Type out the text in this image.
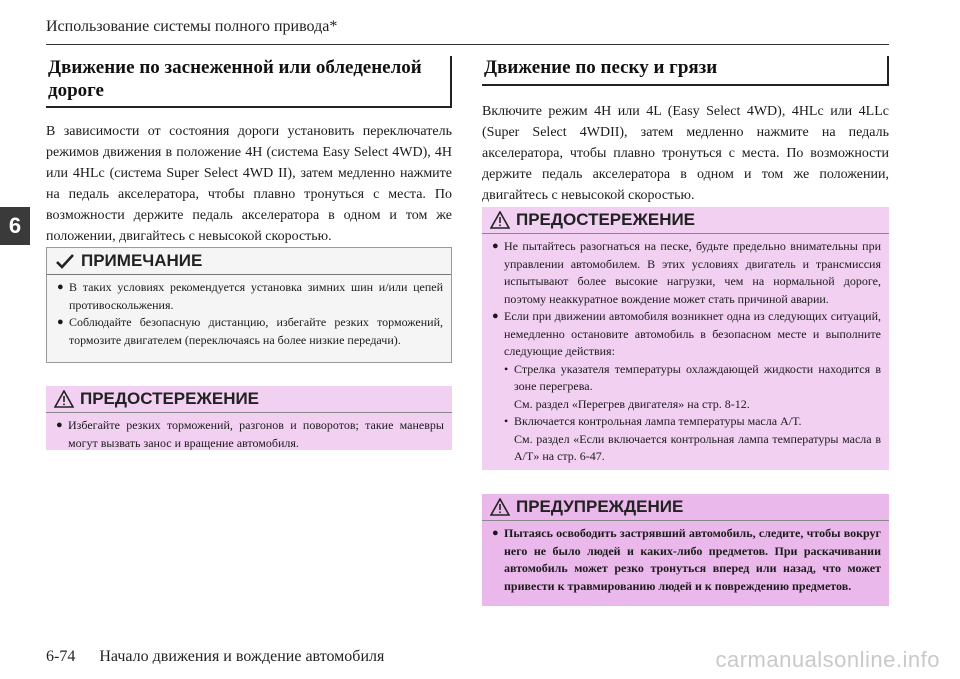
Использование системы полного привода*
6
Движение по заснеженной или обледенелой дороге

В зависимости от состояния дороги установить переключатель режимов движения в положение 4H (система Easy Select 4WD), 4H или 4HLc (система Super Select 4WD II), затем медленно нажмите на педаль акселератора, чтобы плавно тронуться с места. По возможности держите педаль акселератора в одном и том же положении, двигайтесь с невысокой скоростью.

ПРИМЕЧАНИЕ

● В таких условиях рекомендуется установка зимних шин и/или цепей противоскольжения.

● Соблюдайте безопасную дистанцию, избегайте резких торможений, тормозите двигателем (переключаясь на более низкие передачи).

ПРЕДОСТЕРЕЖЕНИЕ

● Избегайте резких торможений, разгонов и поворотов; такие маневры могут вызвать занос и вращение автомобиля.

Движение по песку и грязи

Включите режим 4H или 4L (Easy Select 4WD), 4HLc или 4LLc (Super Select 4WDII), затем медленно нажмите на педаль акселератора, чтобы плавно тронуться с места. По возможности держите педаль акселератора в одном и том же положении, двигайтесь с невысокой скоростью.

ПРЕДОСТЕРЕЖЕНИЕ

● Не пытайтесь разогнаться на песке, будьте предельно внимательны при управлении автомобилем. В этих условиях двигатель и трансмиссия испытывают более высокие нагрузки, чем на нормальной дороге, поэтому неаккуратное вождение может стать причиной аварии.

● Если при движении автомобиля возникнет одна из следующих ситуаций, немедленно остановите автомобиль в безопасном месте и выполните следующие действия:

• Стрелка указателя температуры охлаждающей жидкости находится в зоне перегрева.
См. раздел «Перегрев двигателя» на стр. 8-12.
• Включается контрольная лампа температуры масла A/T.
См. раздел «Если включается контрольная лампа температуры масла в A/T» на стр. 6-47.
ПРЕДУПРЕЖДЕНИЕ

● Пытаясь освободить застрявший автомобиль, следите, чтобы вокруг него не было людей и каких-либо предметов. При раскачивании автомобиль может резко тронуться вперед или назад, что может привести к травмированию людей и к повреждению предметов.

6-74 Начало движения и вождение автомобиля	carmanualsonline.info
